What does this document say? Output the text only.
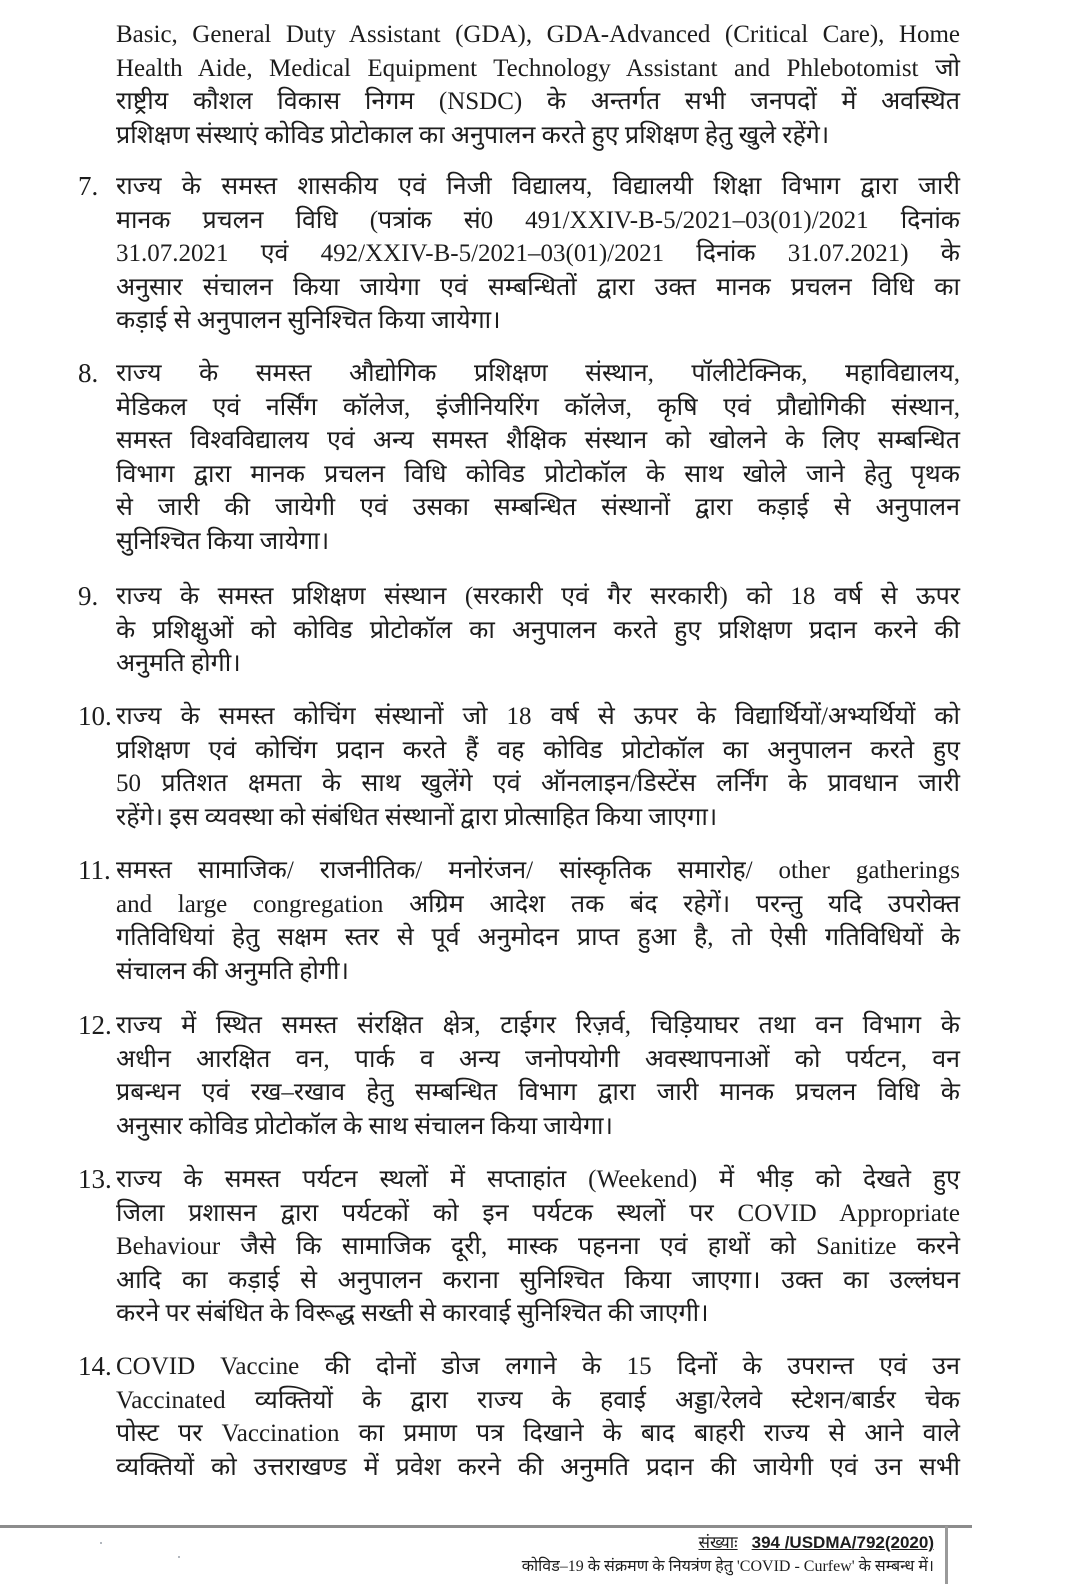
Basic, General Duty Assistant (GDA), GDA-Advanced (Critical Care), Home
Health Aide, Medical Equipment Technology Assistant and Phlebotomist जो
राष्ट्रीय कौशल विकास निगम (NSDC) के अन्तर्गत सभी जनपदों में अवस्थित
प्रशिक्षण संस्थाएं कोविड प्रोटोकाल का अनुपालन करते हुए प्रशिक्षण हेतु खुले रहेंगे।
7. राज्य के समस्त शासकीय एवं निजी विद्यालय, विद्यालयी शिक्षा विभाग द्वारा जारी
मानक प्रचलन विधि (पत्रांक सं0 491/XXIV-B-5/2021–03(01)/2021 दिनांक
31.07.2021 एवं 492/XXIV-B-5/2021–03(01)/2021 दिनांक 31.07.2021) के
अनुसार संचालन किया जायेगा एवं सम्बन्धितों द्वारा उक्त मानक प्रचलन विधि का
कड़ाई से अनुपालन सुनिश्चित किया जायेगा।
8. राज्य के समस्त औद्योगिक प्रशिक्षण संस्थान, पॉलीटेक्निक, महाविद्यालय,
मेडिकल एवं नर्सिंग कॉलेज, इंजीनियरिंग कॉलेज, कृषि एवं प्रौद्योगिकी संस्थान,
समस्त विश्वविद्यालय एवं अन्य समस्त शैक्षिक संस्थान को खोलने के लिए सम्बन्धित
विभाग द्वारा मानक प्रचलन विधि कोविड प्रोटोकॉल के साथ खोले जाने हेतु पृथक
से जारी की जायेगी एवं उसका सम्बन्धित संस्थानों द्वारा कड़ाई से अनुपालन
सुनिश्चित किया जायेगा।
9. राज्य के समस्त प्रशिक्षण संस्थान (सरकारी एवं गैर सरकारी) को 18 वर्ष से ऊपर
के प्रशिक्षुओं को कोविड प्रोटोकॉल का अनुपालन करते हुए प्रशिक्षण प्रदान करने की
अनुमति होगी।
10. राज्य के समस्त कोचिंग संस्थानों जो 18 वर्ष से ऊपर के विद्यार्थियों/अभ्यर्थियों को
प्रशिक्षण एवं कोचिंग प्रदान करते हैं वह कोविड प्रोटोकॉल का अनुपालन करते हुए
50 प्रतिशत क्षमता के साथ खुलेंगे एवं ऑनलाइन/डिस्टेंस लर्निंग के प्रावधान जारी
रहेंगे। इस व्यवस्था को संबंधित संस्थानों द्वारा प्रोत्साहित किया जाएगा।
11. समस्त सामाजिक/ राजनीतिक/ मनोरंजन/ सांस्कृतिक समारोह/ other gatherings
and large congregation अग्रिम आदेश तक बंद रहेगें। परन्तु यदि उपरोक्त
गतिविधियां हेतु सक्षम स्तर से पूर्व अनुमोदन प्राप्त हुआ है, तो ऐसी गतिविधियों के
संचालन की अनुमति होगी।
12. राज्य में स्थित समस्त संरक्षित क्षेत्र, टाईगर रिज़र्व, चिड़ियाघर तथा वन विभाग के
अधीन आरक्षित वन, पार्क व अन्य जनोपयोगी अवस्थापनाओं को पर्यटन, वन
प्रबन्धन एवं रख–रखाव हेतु सम्बन्धित विभाग द्वारा जारी मानक प्रचलन विधि के
अनुसार कोविड प्रोटोकॉल के साथ संचालन किया जायेगा।
13. राज्य के समस्त पर्यटन स्थलों में सप्ताहांत (Weekend) में भीड़ को देखते हुए
जिला प्रशासन द्वारा पर्यटकों को इन पर्यटक स्थलों पर COVID Appropriate
Behaviour जैसे कि सामाजिक दूरी, मास्क पहनना एवं हाथों को Sanitize करने
आदि का कड़ाई से अनुपालन कराना सुनिश्चित किया जाएगा। उक्त का उल्लंघन
करने पर संबंधित के विरूद्ध सख्ती से कारवाई सुनिश्चित की जाएगी।
14. COVID Vaccine की दोनों डोज लगाने के 15 दिनों के उपरान्त एवं उन
Vaccinated व्यक्तियों के द्वारा राज्य के हवाई अड्डा/रेलवे स्टेशन/बार्डर चेक
पोस्ट पर Vaccination का प्रमाण पत्र दिखाने के बाद बाहरी राज्य से आने वाले
व्यक्तियों को उत्तराखण्ड में प्रवेश करने की अनुमति प्रदान की जायेगी एवं उन सभी
संख्याः 394 /USDMA/792(2020)
कोविड–19 के संक्रमण के नियत्रंण हेतु 'COVID - Curfew' के सम्बन्ध में।
